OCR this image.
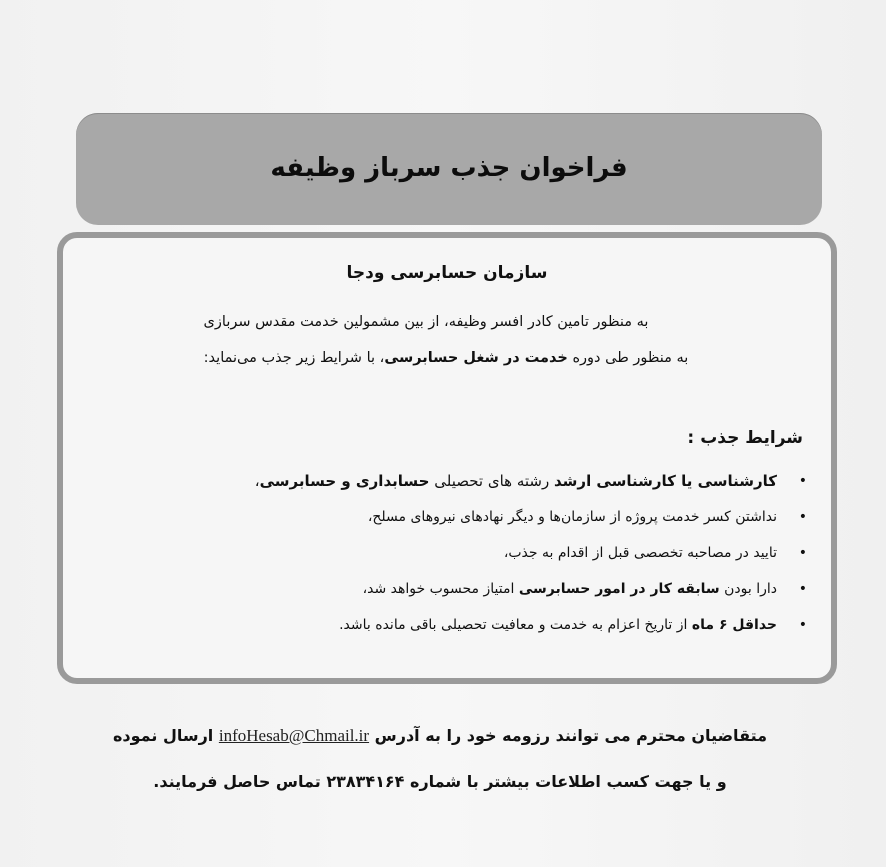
فراخوان جذب سرباز وظیفه
سازمان حسابرسی ودجا
به منظور تامین کادر افسر وظیفه، از بین مشمولین خدمت مقدس سربازی
به منظور طی دوره خدمت در شغل حسابرسی، با شرایط زیر جذب می‌نماید:
شرایط جذب:
•
کارشناسی یا کارشناسی ارشد رشته های تحصیلی حسابداری و حسابرسی،
•
نداشتن کسر خدمت پروژه از سازمان‌ها و دیگر نهادهای نیروهای مسلح،
•
تایید در مصاحبه تخصصی قبل از اقدام به جذب،
•
دارا بودن سابقه کار در امور حسابرسی امتیاز محسوب خواهد شد،
•
حداقل ۶ ماه از تاریخ اعزام به خدمت و معافیت تحصیلی باقی مانده باشد.
متقاضیان محترم می توانند رزومه خود را به آدرس infoHesab@Chmail.ir ارسال نموده
و یا جهت کسب اطلاعات بیشتر با شماره ۲۳۸۳۴۱۶۴ تماس حاصل فرمایند.
